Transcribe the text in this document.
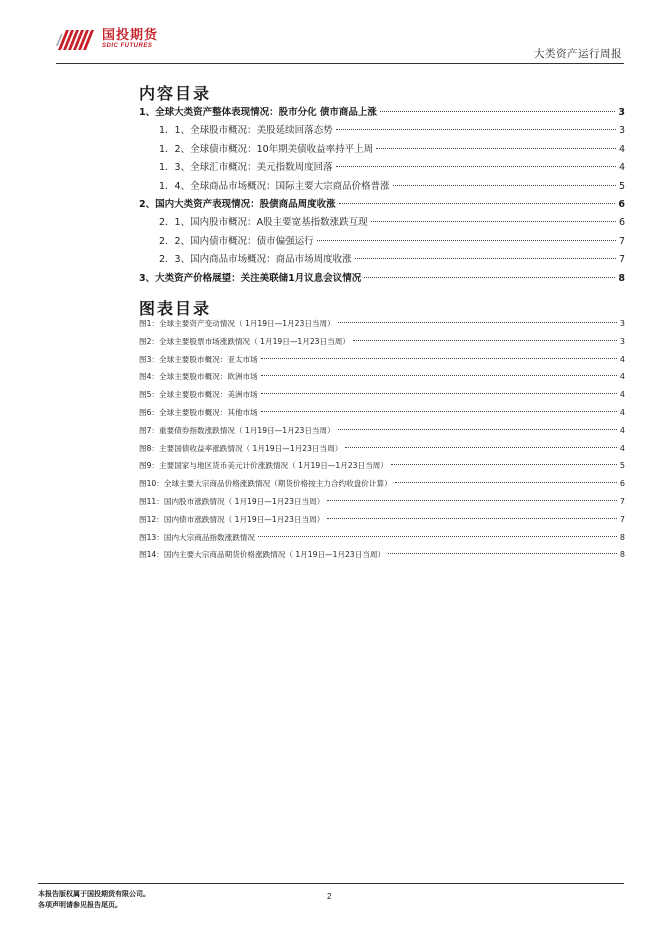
国投期货
SDIC FUTURES
大类资产运行周报
内容目录
1、全球大类资产整体表现情况：股市分化 债市商品上涨	3
1．1、全球股市概况：美股延续回落态势	3
1．2、全球债市概况：10年期美债收益率持平上周	4
1．3、全球汇市概况：美元指数周度回落	4
1．4、全球商品市场概况：国际主要大宗商品价格普涨	5
2、国内大类资产表现情况：股债商品周度收涨	6
2．1、国内股市概况：A股主要宽基指数涨跌互现	6
2．2、国内债市概况：债市偏强运行	7
2．3、国内商品市场概况：商品市场周度收涨	7
3、大类资产价格展望：关注美联储1月议息会议情况	8
图表目录
图1：全球主要资产变动情况（ 1月19日—1月23日当周）	3
图2：全球主要股票市场涨跌情况（ 1月19日—1月23日当周）	3
图3：全球主要股市概况：亚太市场	4
图4：全球主要股市概况：欧洲市场	4
图5：全球主要股市概况：美洲市场	4
图6：全球主要股市概况：其他市场	4
图7：重要债券指数涨跌情况（ 1月19日—1月23日当周）	4
图8：主要国债收益率涨跌情况（ 1月19日—1月23日当周）	4
图9：主要国家与地区货币美元计价涨跌情况（ 1月19日—1月23日当周）	5
图10：全球主要大宗商品价格涨跌情况（期货价格按主力合约收盘价计算）	6
图11：国内股市涨跌情况（ 1月19日—1月23日当周）	7
图12：国内债市涨跌情况（ 1月19日—1月23日当周）	7
图13：国内大宗商品指数涨跌情况	8
图14：国内主要大宗商品期货价格涨跌情况（ 1月19日—1月23日当周）	8
本报告版权属于国投期货有限公司。
各项声明请参见报告尾页。
2
